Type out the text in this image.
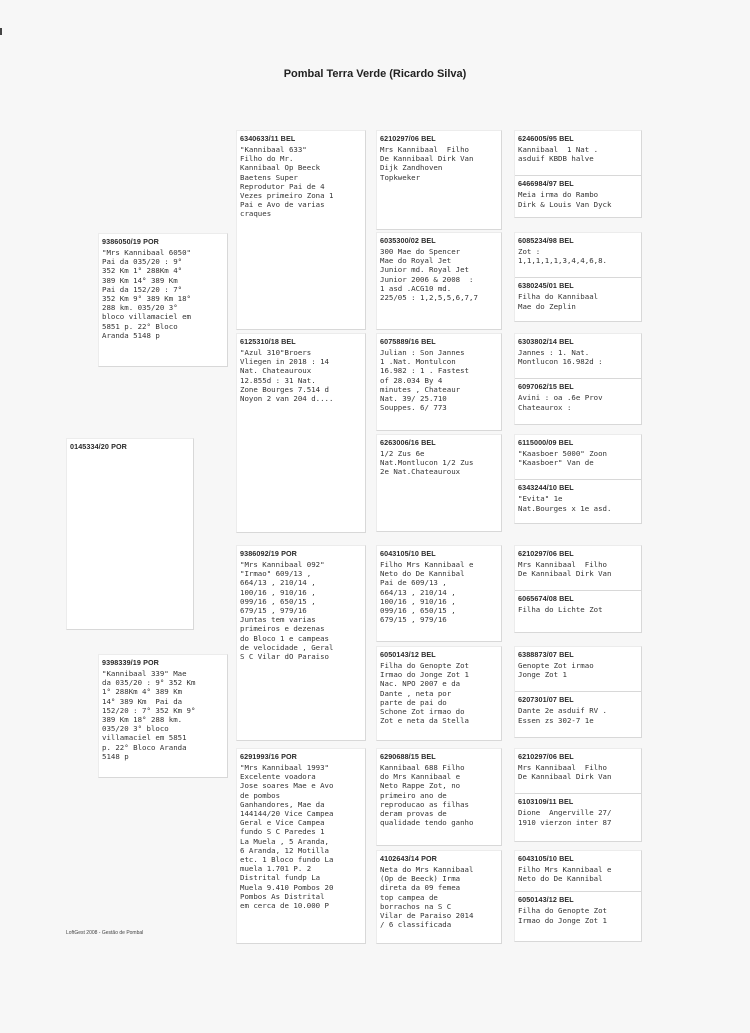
Pombal Terra Verde (Ricardo Silva)
0145334/20 POR
9386050/19 POR
"Mrs Kannibaal 6050"
Pai da 035/20 : 9°
352 Km 1° 288Km 4°
389 Km 14° 389 Km
Pai da 152/20 : 7°
352 Km 9° 389 Km 18°
288 km. 035/20 3°
bloco villamaciel em
5851 p. 22° Bloco
Aranda 5148 p
9398339/19 POR
"Kannibaal 339" Mae
da 035/20 : 9° 352 Km
1° 288Km 4° 389 Km
14° 389 Km  Pai da
152/20 : 7° 352 Km 9°
389 Km 18° 288 km.
035/20 3° bloco
villamaciel em 5851
p. 22° Bloco Aranda
5148 p
6340633/11 BEL
"Kannibaal 633"
Filho do Mr.
Kannibaal Op Beeck
Baetens Super
Reprodutor Pai de 4
Vezes primeiro Zona 1
Pai e Avo de varias
craques
6125310/18 BEL
"Azul 310"Broers
Vliegen in 2018 : 14
Nat. Chateauroux
12.855d : 31 Nat.
Zone Bourges 7.514 d
Noyon 2 van 204 d....
9386092/19 POR
"Mrs Kannibaal 092"
"Irmao" 609/13 ,
664/13 , 210/14 ,
100/16 , 910/16 ,
099/16 , 650/15 ,
679/15 , 979/16
Juntas tem varias
primeiros e dezenas
do Bloco 1 e campeas
de velocidade , Geral
S C Vilar dO Paraiso
6291993/16 POR
"Mrs Kannibaal 1993"
Excelente voadora
Jose soares Mae e Avo
de pombos
Ganhandores, Mae da
144144/20 Vice Campea
Geral e Vice Campea
fundo S C Paredes 1
La Muela , 5 Aranda,
6 Aranda, 12 Motilla
etc. 1 Bloco fundo La
muela 1.701 P. 2
Distrital fundp La
Muela 9.410 Pombos 20
Pombos As Distrital
em cerca de 10.000 P
6210297/06 BEL
Mrs Kannibaal  Filho
De Kannibaal Dirk Van
Dijk Zandhoven
Topkweker
6035300/02 BEL
300 Mae do Spencer
Mae do Royal Jet
Junior md. Royal Jet
Junior 2006 & 2008  :
1 asd .ACG10 md.
225/05 : 1,2,5,5,6,7,7
6075889/16 BEL
Julian : Son Jannes
1 .Nat. Montulcon
16.982 : 1 . Fastest
of 28.034 By 4
minutes , Chateaur
Nat. 39/ 25.710
Souppes. 6/ 773
6263006/16 BEL
1/2 Zus 6e
Nat.Montlucon 1/2 Zus
2e Nat.Chateauroux
6043105/10 BEL
Filho Mrs Kannibaal e
Neto do De Kannibal
Pai de 609/13 ,
664/13 , 210/14 ,
100/16 , 910/16 ,
099/16 , 650/15 ,
679/15 , 979/16
6050143/12 BEL
Filha do Genopte Zot
Irmao do Jonge Zot 1
Nac. NPO 2007 e da
Dante , neta por
parte de pai do
Schone Zot irmao do
Zot e neta da Stella
6290688/15 BEL
Kannibaal 688 Filho
do Mrs Kannibaal e
Neto Rappe Zot, no
primeiro ano de
reproducao as filhas
deram provas de
qualidade tendo ganho
4102643/14 POR
Neta do Mrs Kannibaal
(Op de Beeck) Irma
direta da 09 femea
top campea de
borrachos na S C
Vilar de Paraiso 2014
/ 6 classificada
6246005/95 BEL
Kannibaal  1 Nat .
asduif KBDB halve
6466984/97 BEL
Meia irma do Rambo
Dirk & Louis Van Dyck
6085234/98 BEL
Zot :
1,1,1,1,1,3,4,4,6,8.
6380245/01 BEL
Filha do Kannibaal
Mae do Zeplin
6303802/14 BEL
Jannes : 1. Nat.
Montlucon 16.982d :
6097062/15 BEL
Avini : oa .6e Prov
Chateaurox :
6115000/09 BEL
"Kaasboer 5000" Zoon
"Kaasboer" Van de
6343244/10 BEL
"Evita" 1e
Nat.Bourges x 1e asd.
6210297/06 BEL
Mrs Kannibaal  Filho
De Kannibaal Dirk Van
6065674/08 BEL
Filha do Lichte Zot
6388873/07 BEL
Genopte Zot irmao
Jonge Zot 1
6207301/07 BEL
Dante 2e asduif RV .
Essen zs 302-7 1e
6210297/06 BEL
Mrs Kannibaal  Filho
De Kannibaal Dirk Van
6103109/11 BEL
Dione  Angerville 27/
1910 vierzon inter 87
6043105/10 BEL
Filho Mrs Kannibaal e
Neto do De Kannibal
6050143/12 BEL
Filha do Genopte Zot
Irmao do Jonge Zot 1
LoftGest 2008 - Gestão de Pombal
